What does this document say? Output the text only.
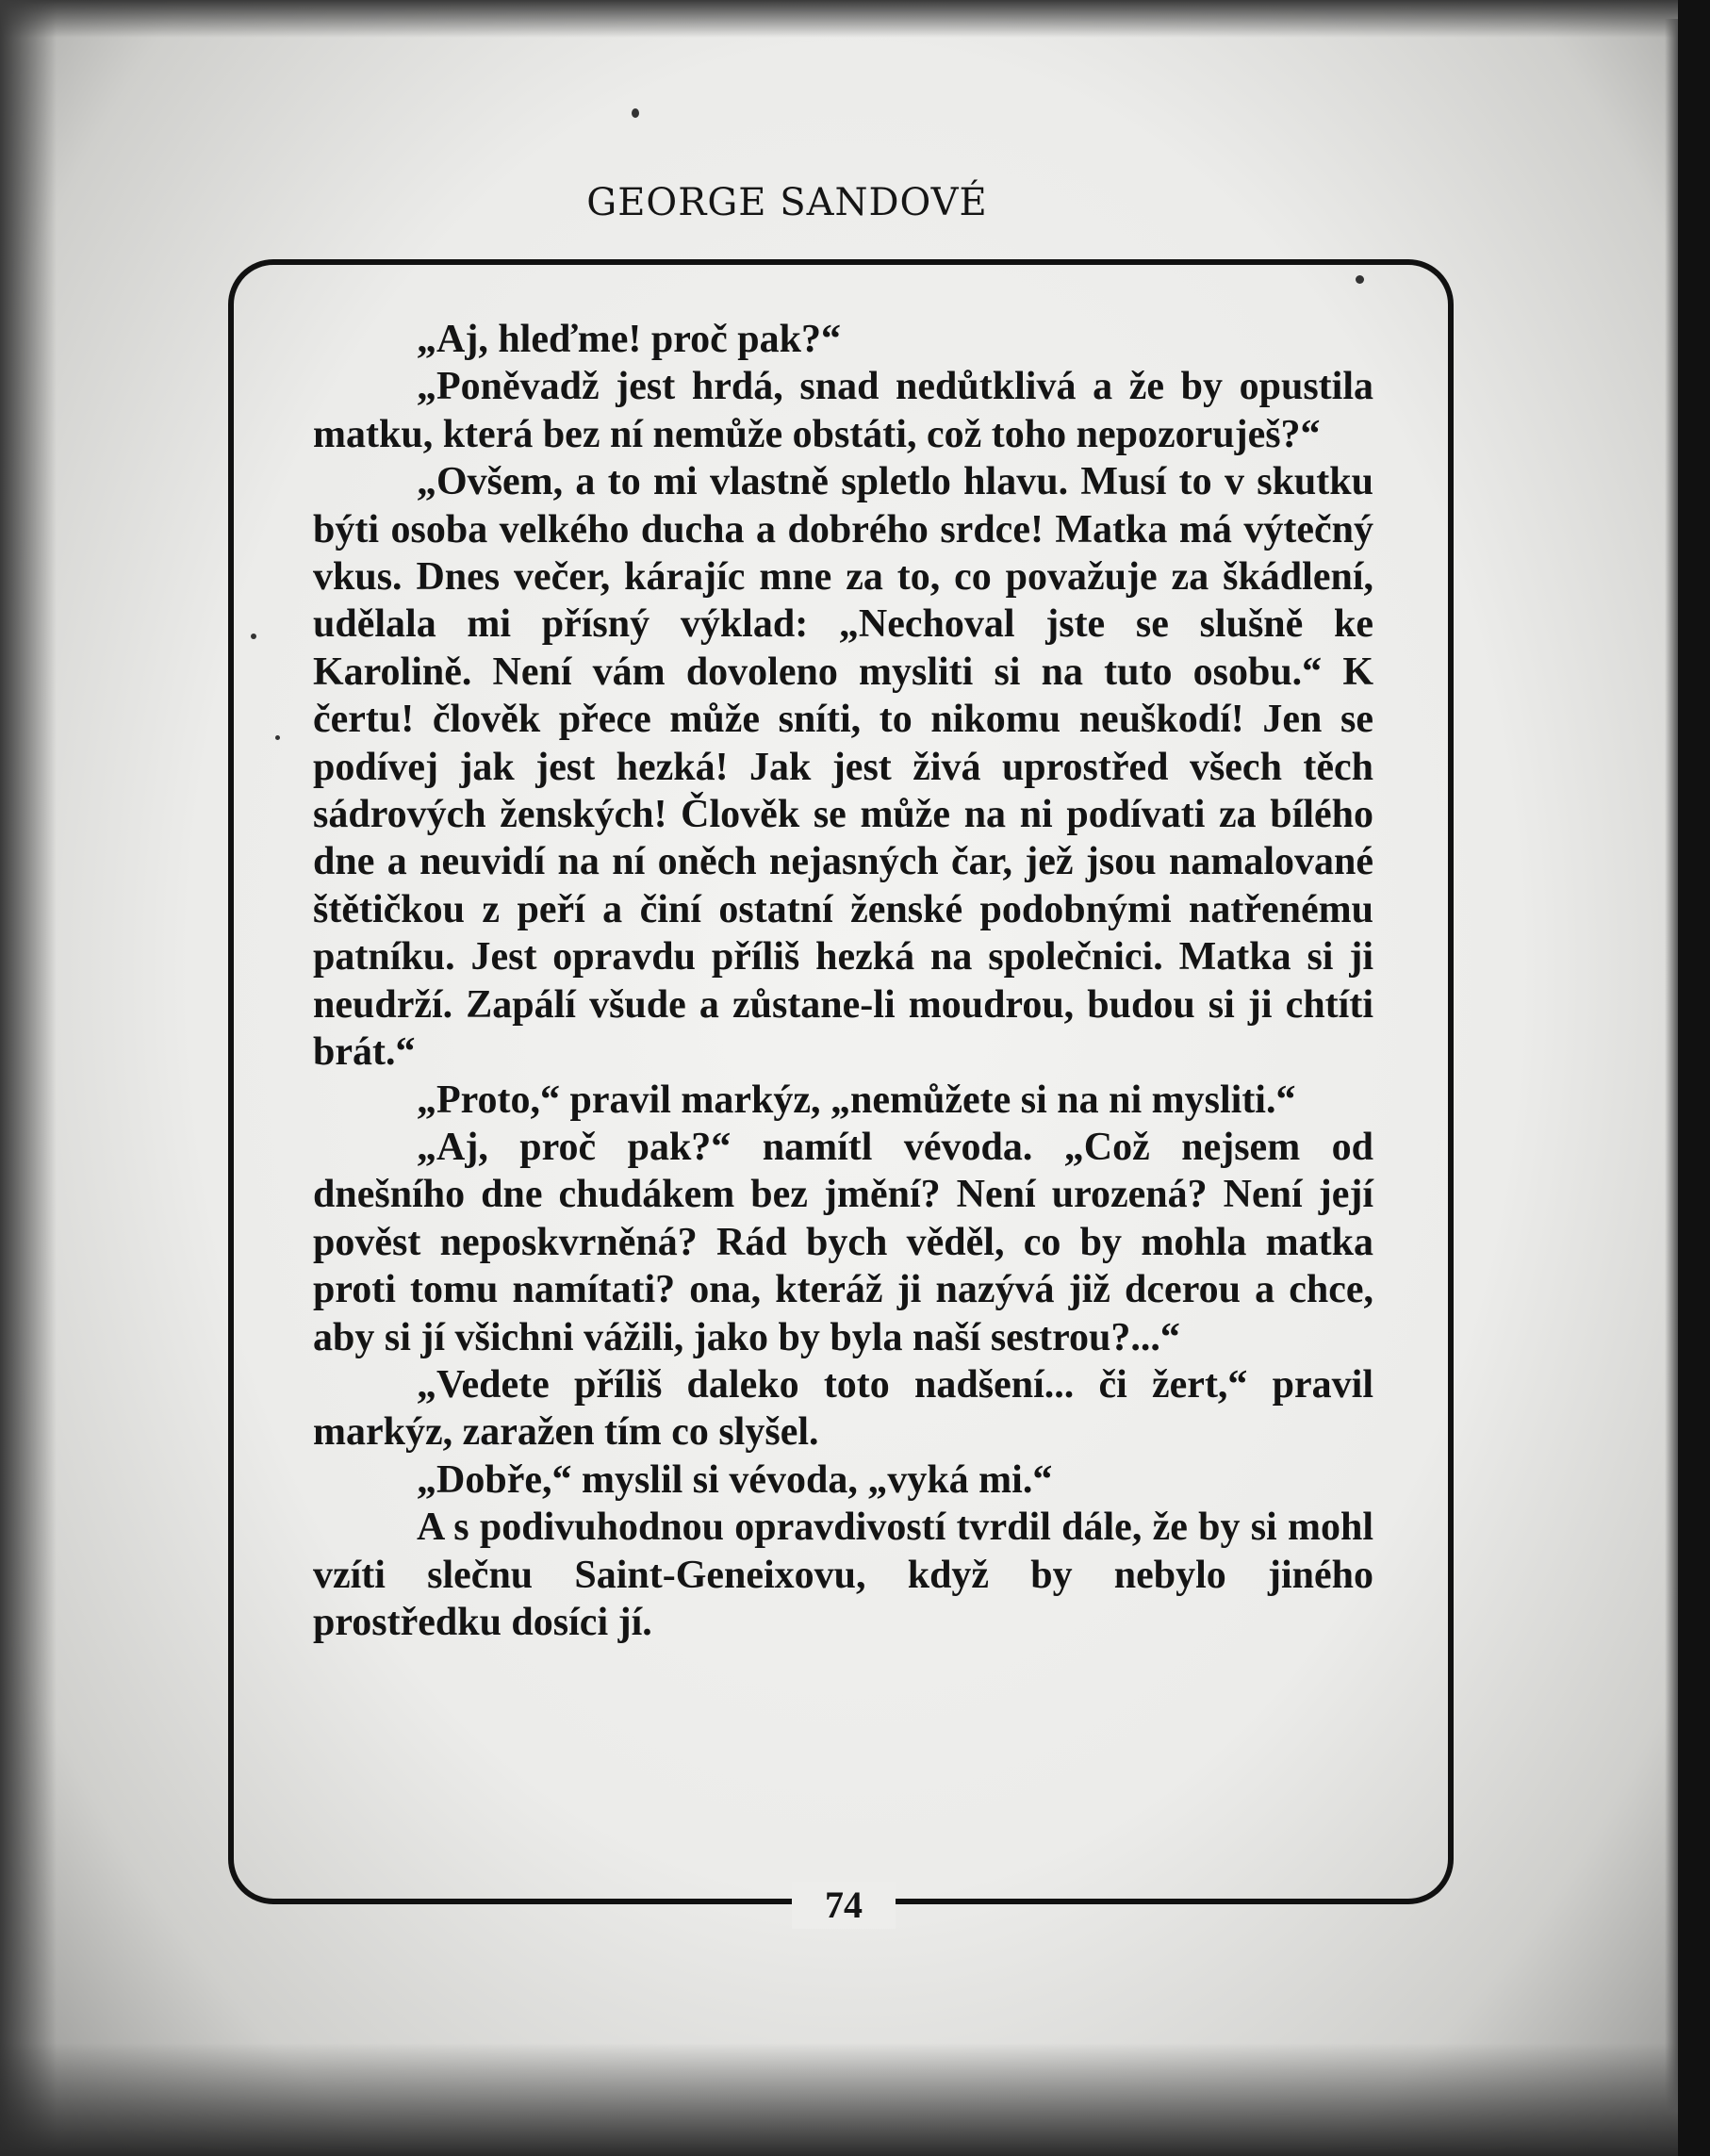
GEORGE SANDOVÉ

„Aj, hleďme! proč pak?“

„Poněvadž jest hrdá, snad nedůtklivá a že by opustila matku, která bez ní nemůže obstáti, což toho nepozoruješ?“

„Ovšem, a to mi vlastně spletlo hlavu. Musí to v skutku býti osoba velkého ducha a dobrého srdce! Matka má výtečný vkus. Dnes večer, kárajíc mne za to, co považuje za škádlení, udělala mi přísný výklad: „Nechoval jste se slušně ke Karolině. Není vám dovoleno mysliti si na tuto osobu.“ K čertu! člověk přece může sníti, to nikomu neuškodí! Jen se podívej jak jest hezká! Jak jest živá uprostřed všech těch sádrových ženských! Člověk se může na ni podívati za bílého dne a neuvidí na ní oněch nejasných čar, jež jsou namalované štětičkou z peří a činí ostatní ženské podobnými natřenému patníku. Jest opravdu příliš hezká na společnici. Matka si ji neudrží. Zapálí všude a zůstane-li moudrou, budou si ji chtíti brát.“

„Proto,“ pravil markýz, „nemůžete si na ni mysliti.“

„Aj, proč pak?“ namítl vévoda. „Což nejsem od dnešního dne chudákem bez jmění? Není urozená? Není její pověst neposkvrněná? Rád bych věděl, co by mohla matka proti tomu namítati? ona, kteráž ji nazývá již dcerou a chce, aby si jí všichni vážili, jako by byla naší sestrou?...“

„Vedete příliš daleko toto nadšení... či žert,“ pravil markýz, zaražen tím co slyšel.

„Dobře,“ myslil si vévoda, „vyká mi.“

A s podivuhodnou opravdivostí tvrdil dále, že by si mohl vzíti slečnu Saint-Geneixovu, když by nebylo jiného prostředku dosíci jí.

74
